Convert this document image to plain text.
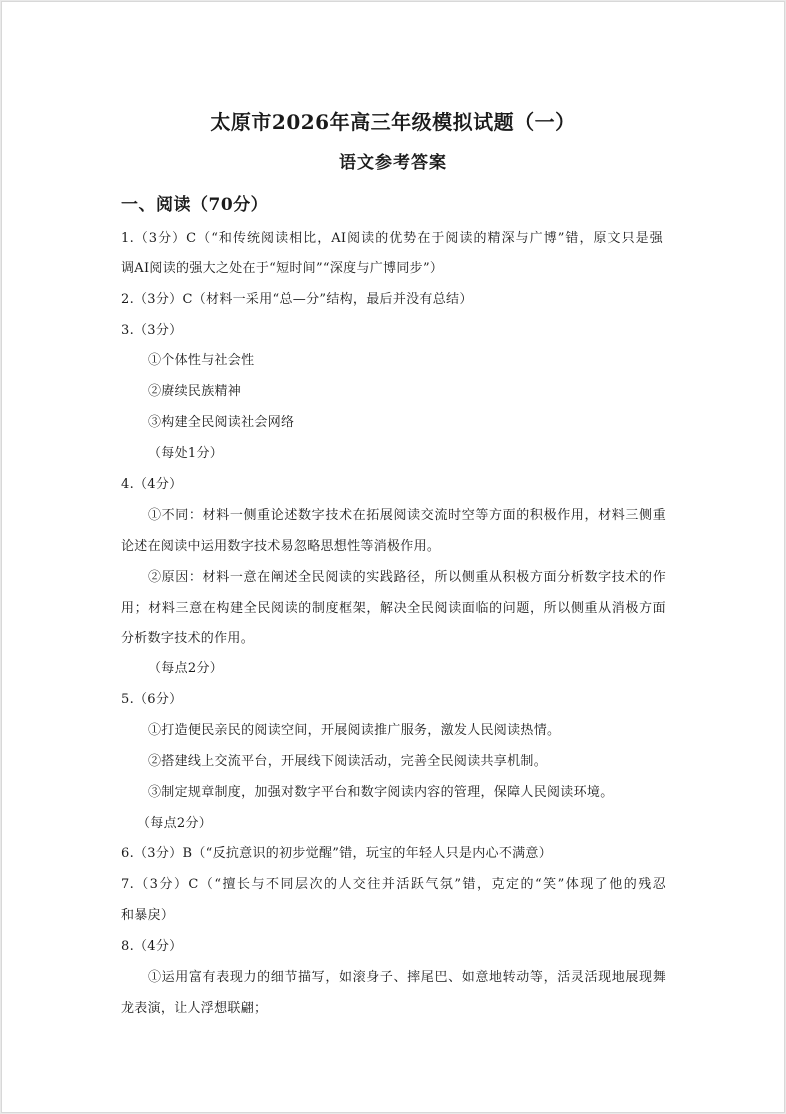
太原市2026年高三年级模拟试题（一）
语文参考答案
一、阅读（70分）
1.（3分）C（“和传统阅读相比，AI阅读的优势在于阅读的精深与广博”错，原文只是强
调AI阅读的强大之处在于“短时间”“深度与广博同步”）
2.（3分）C（材料一采用“总—分”结构，最后并没有总结）
3.（3分）
①个体性与社会性
②赓续民族精神
③构建全民阅读社会网络
（每处1分）
4.（4分）
①不同：材料一侧重论述数字技术在拓展阅读交流时空等方面的积极作用，材料三侧重
论述在阅读中运用数字技术易忽略思想性等消极作用。
②原因：材料一意在阐述全民阅读的实践路径，所以侧重从积极方面分析数字技术的作
用；材料三意在构建全民阅读的制度框架，解决全民阅读面临的问题，所以侧重从消极方面
分析数字技术的作用。
（每点2分）
5.（6分）
①打造便民亲民的阅读空间，开展阅读推广服务，激发人民阅读热情。
②搭建线上交流平台，开展线下阅读活动，完善全民阅读共享机制。
③制定规章制度，加强对数字平台和数字阅读内容的管理，保障人民阅读环境。
（每点2分）
6.（3分）B（“反抗意识的初步觉醒”错，玩宝的年轻人只是内心不满意）
7.（3分）C（“擅长与不同层次的人交往并活跃气氛”错，克定的“笑”体现了他的残忍
和暴戾）
8.（4分）
①运用富有表现力的细节描写，如滚身子、摔尾巴、如意地转动等，活灵活现地展现舞
龙表演，让人浮想联翩；
